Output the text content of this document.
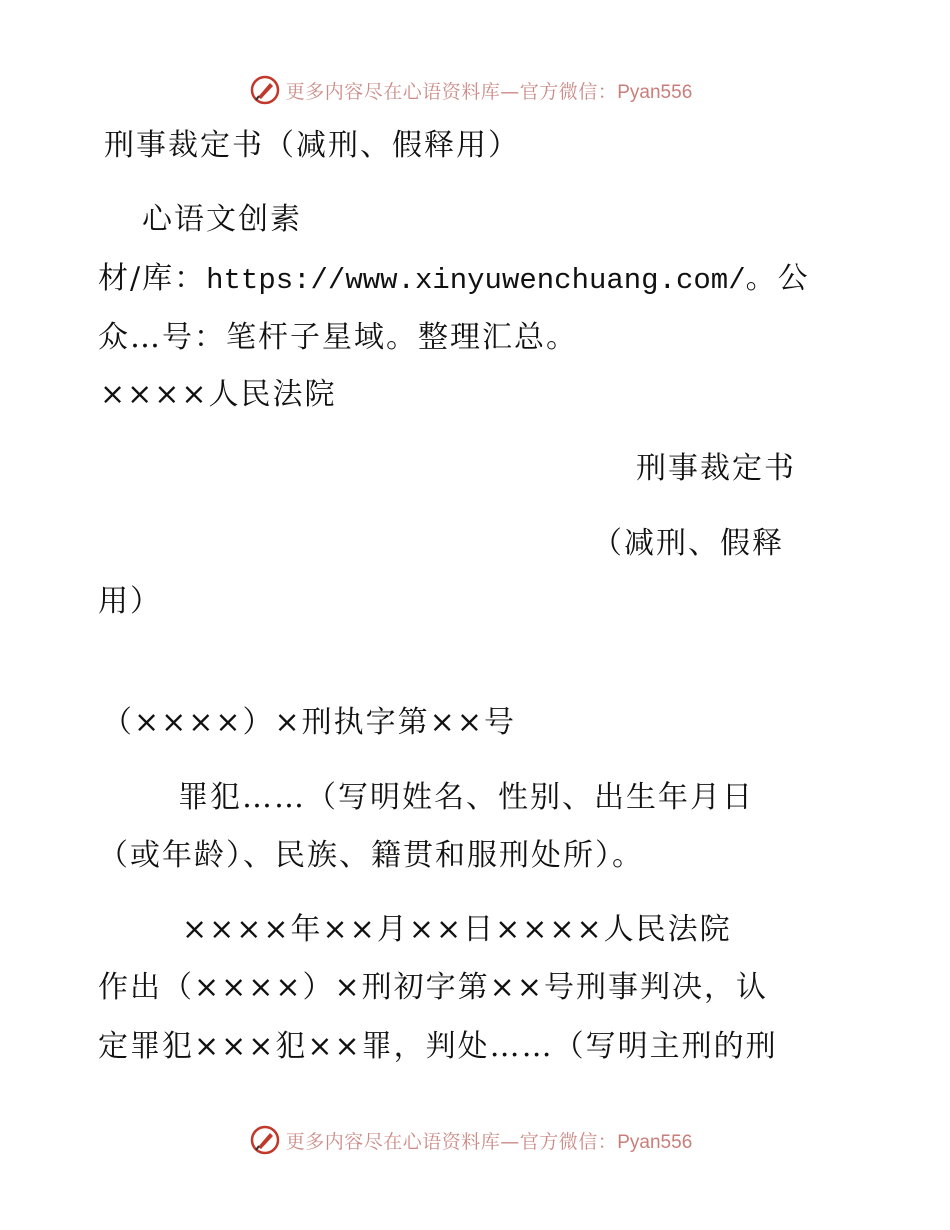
更多内容尽在心语资料库—官方微信：Pyan556
刑事裁定书（减刑、假释用）
心语文创素
材/库：https://www.xinyuwenchuang.com/。公
众…号：笔杆子星域。整理汇总。
××××人民法院
刑事裁定书
（减刑、假释
用）
（××××）×刑执字第××号
罪犯……（写明姓名、性别、出生年月日
（或年龄）、民族、籍贯和服刑处所）。
××××年××月××日××××人民法院
作出（××××）×刑初字第××号刑事判决，认
定罪犯×××犯××罪，判处……（写明主刑的刑
更多内容尽在心语资料库—官方微信：Pyan556
